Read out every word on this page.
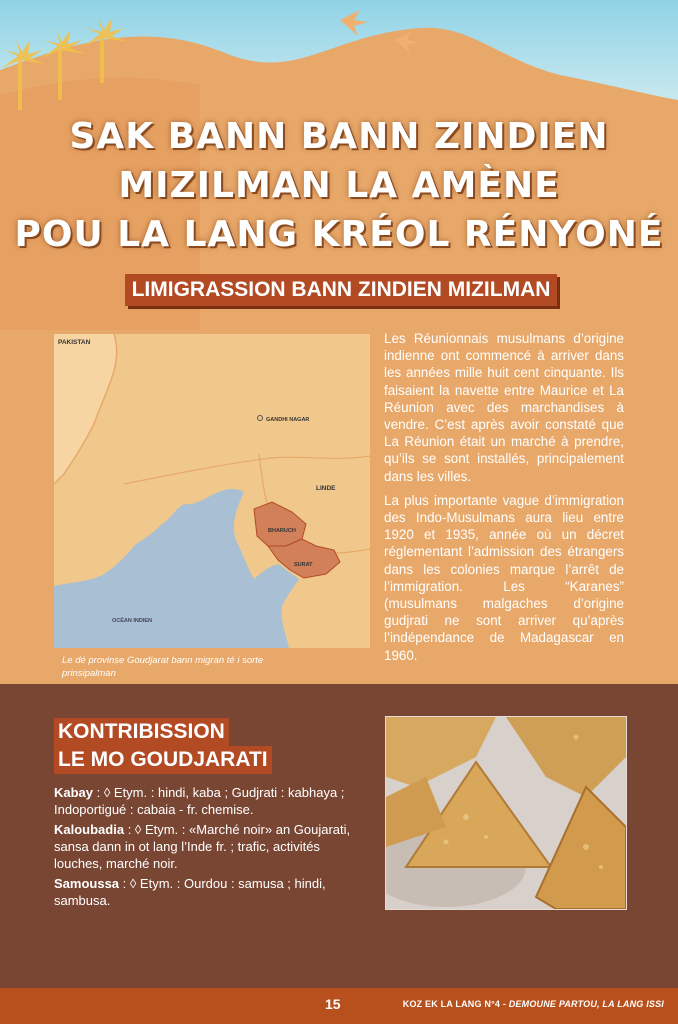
SAK BANN BANN ZINDIEN
MIZILMAN LA AMÈNE
POU LA LANG KRÉOL RÉNYONÉ
LIMIGRASSION BANN ZINDIEN MIZILMAN
PAKISTAN
GANDHI NAGAR
LINDE
BHARUCH
SURAT
OCÉAN INDIEN
Le dé provinse Goudjarat bann migran té i sorte prinsipalman

Les Réunionnais musulmans d’origine indienne ont commencé à arriver dans les années mille huit cent cinquante. Ils faisaient la navette entre Maurice et La Réunion avec des marchandises à vendre. C’est après avoir constaté que La Réunion était un marché à prendre, qu’ils se sont installés, principalement dans les villes.

La plus importante vague d’immigration des Indo-Musulmans aura lieu entre 1920 et 1935, année où un décret réglementant l’admission des étrangers dans les colonies marque l’arrêt de l’immigration. Les “Karanes” (musulmans malgaches d’origine gudjrati ne sont arriver qu’après l’indépendance de Madagascar en 1960.

KONTRIBISSION
LE MO GOUDJARATI

Kabay : ◊ Etym. : hindi, kaba ; Gudjrati : kabhaya ; Indoportigué : cabaia - fr. chemise.

Kaloubadia : ◊ Etym. : «Marché noir» an Goujarati, sansa dann in ot lang l’Inde fr. ; trafic, activités louches, marché noir.

Samoussa : ◊ Etym. : Ourdou : samusa ; hindi, sambusa.

15	KOZ EK LA LANG N°4 - DEMOUNE PARTOU, LA LANG ISSI
